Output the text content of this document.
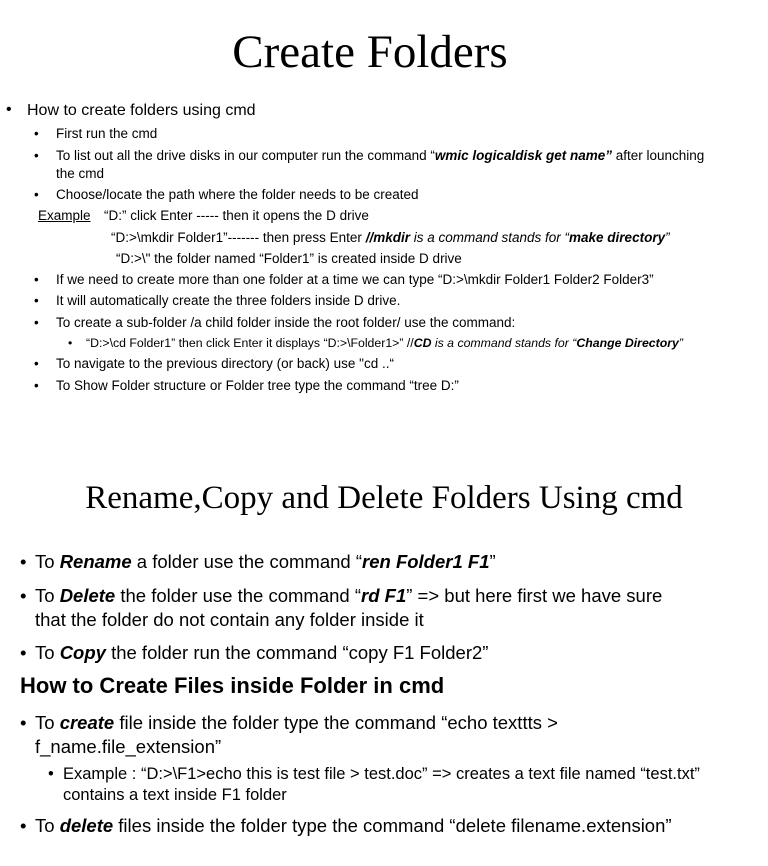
Create Folders
• How to create folders using cmd
• First run the cmd
• To list out all the drive disks in our computer run the command “wmic logicaldisk get name” after lounching
the cmd
• Choose/locate the path where the folder needs to be created
Example “D:” click Enter ----- then it opens the D drive
“D:>\mkdir Folder1”------- then press Enter //mkdir is a command stands for “make directory”
“D:>\" the folder named “Folder1” is created inside D drive
• If we need to create more than one folder at a time we can type “D:>\mkdir Folder1 Folder2 Folder3”
• It will automatically create the three folders inside D drive.
• To create a sub-folder /a child folder inside the root folder/ use the command:
• “D:>\cd Folder1” then click Enter it displays “D:>\Folder1>” //CD is a command stands for “Change Directory”
• To navigate to the previous directory (or back) use "cd ..“
• To Show Folder structure or Folder tree type the command “tree D:”
Rename,Copy and Delete Folders Using cmd
• To Rename a folder use the command “ren Folder1 F1”
• To Delete the folder use the command “rd F1” => but here first we have sure
that the folder do not contain any folder inside it
• To Copy the folder run the command “copy F1 Folder2”
How to Create Files inside Folder in cmd
• To create file inside the folder type the command “echo texttts >
f_name.file_extension”
• Example : “D:>\F1>echo this is test file > test.doc” => creates a text file named “test.txt”
contains a text inside F1 folder
• To delete files inside the folder type the command “delete filename.extension”
